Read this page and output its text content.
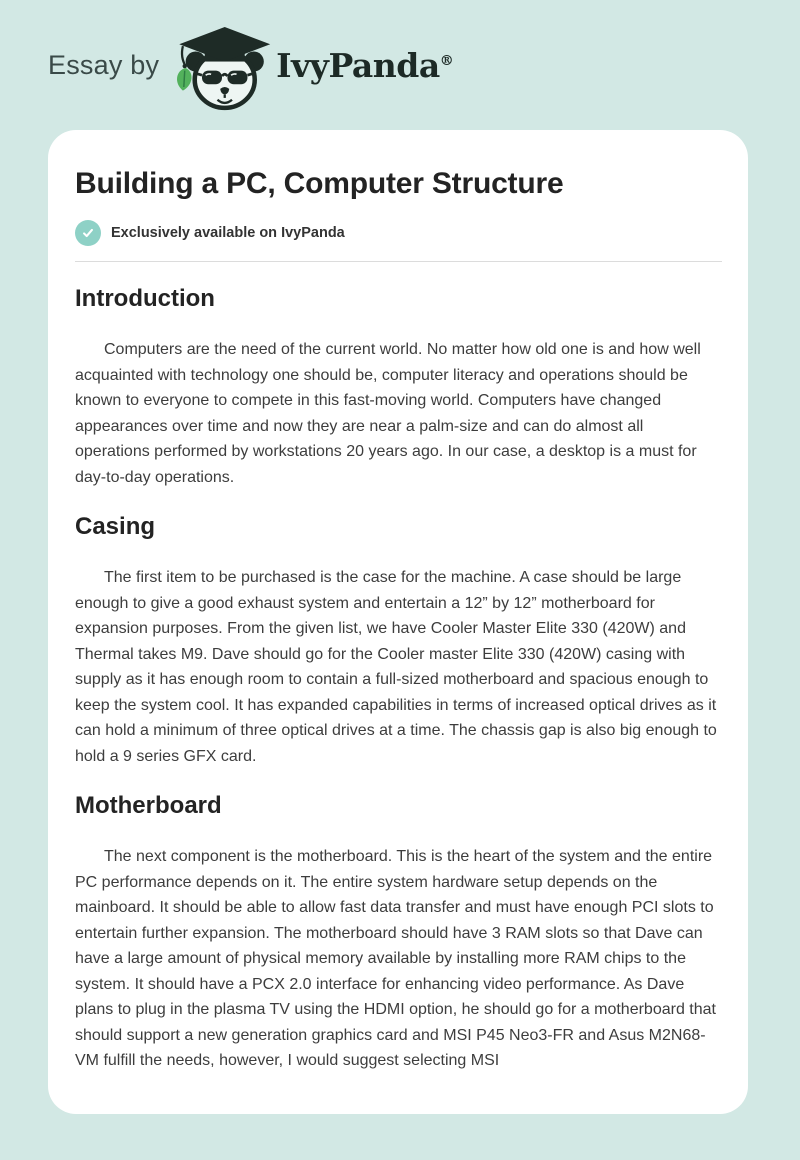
Essay by	IvyPanda®
Building a PC, Computer Structure
Exclusively available on IvyPanda
Introduction

Computers are the need of the current world. No matter how old one is and how well acquainted with technology one should be, computer literacy and operations should be known to everyone to compete in this fast-moving world. Computers have changed appearances over time and now they are near a palm-size and can do almost all operations performed by workstations 20 years ago. In our case, a desktop is a must for day-to-day operations.

Casing

The first item to be purchased is the case for the machine. A case should be large enough to give a good exhaust system and entertain a 12” by 12” motherboard for expansion purposes. From the given list, we have Cooler Master Elite 330 (420W) and Thermal takes M9. Dave should go for the Cooler master Elite 330 (420W) casing with supply as it has enough room to contain a full-sized motherboard and spacious enough to keep the system cool. It has expanded capabilities in terms of increased optical drives as it can hold a minimum of three optical drives at a time. The chassis gap is also big enough to hold a 9 series GFX card.

Motherboard

The next component is the motherboard. This is the heart of the system and the entire PC performance depends on it. The entire system hardware setup depends on the mainboard. It should be able to allow fast data transfer and must have enough PCI slots to entertain further expansion. The motherboard should have 3 RAM slots so that Dave can have a large amount of physical memory available by installing more RAM chips to the system. It should have a PCX 2.0 interface for enhancing video performance. As Dave plans to plug in the plasma TV using the HDMI option, he should go for a motherboard that should support a new generation graphics card and MSI P45 Neo3-FR and Asus M2N68-VM fulfill the needs, however, I would suggest selecting MSI
